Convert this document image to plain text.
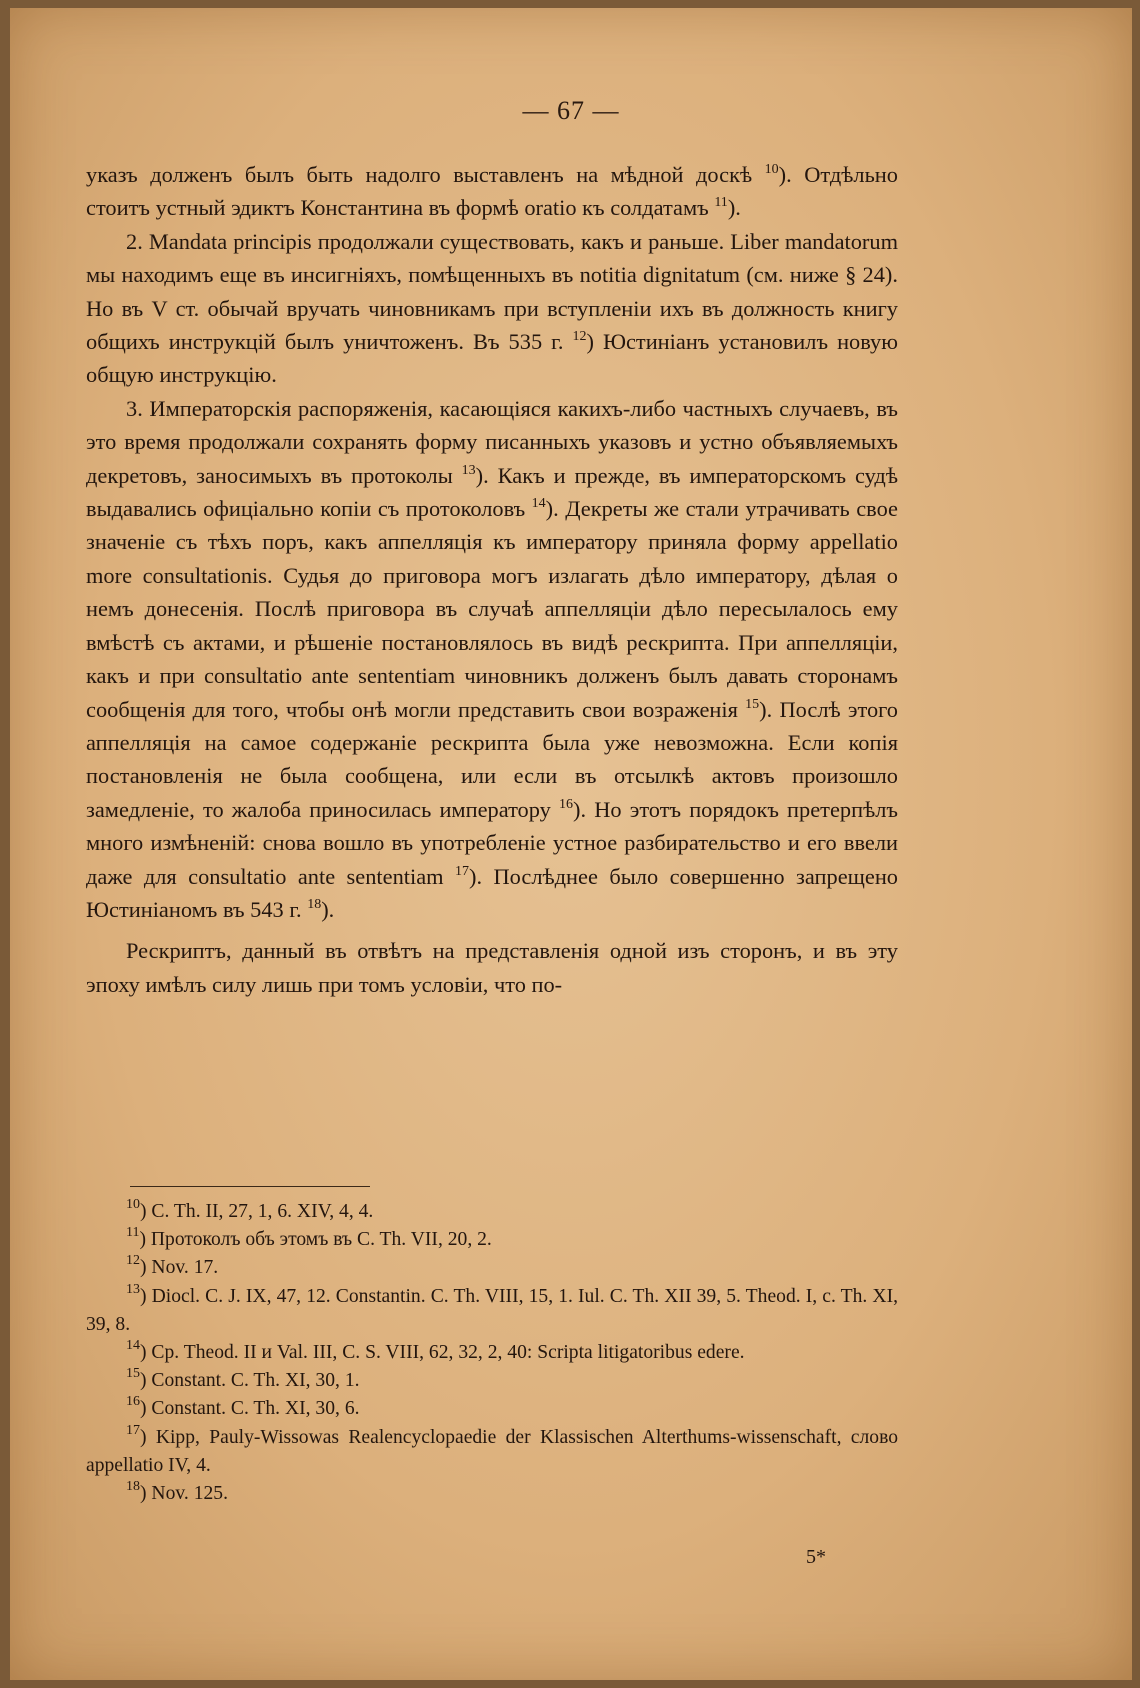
— 67 —

указъ долженъ былъ быть надолго выставленъ на мѣдной доскѣ $^{10}$). Отдѣльно стоитъ устный эдиктъ Константина въ формѣ oratio къ солдатамъ $^{11}$).

2. Mandata principis продолжали существовать, какъ и раньше. Liber mandatorum мы находимъ еще въ инсигніяхъ, помѣщенныхъ въ notitia dignitatum (см. ниже § 24). Но въ V ст. обычай вручать чиновникамъ при вступленіи ихъ въ должность книгу общихъ инструкцій былъ уничтоженъ. Въ 535 г. $^{12}$) Юстиніанъ установилъ новую общую инструкцію.

3. Императорскія распоряженія, касающіяся какихъ-либо частныхъ случаевъ, въ это время продолжали сохранять форму писанныхъ указовъ и устно объявляемыхъ декретовъ, заносимыхъ въ протоколы $^{13}$). Какъ и прежде, въ императорскомъ судѣ выдавались офиціально копіи съ протоколовъ $^{14}$). Декреты же стали утрачивать свое значеніе съ тѣхъ поръ, какъ аппелляція къ императору приняла форму appellatio more consultationis. Судья до приговора могъ излагать дѣло императору, дѣлая о немъ донесенія. Послѣ приговора въ случаѣ аппелляціи дѣло пересылалось ему вмѣстѣ съ актами, и рѣшеніе постановлялось въ видѣ рескрипта. При аппелляціи, какъ и при consultatio ante sententiam чиновникъ долженъ былъ давать сторонамъ сообщенія для того, чтобы онѣ могли представить свои возраженія $^{15}$). Послѣ этого аппелляція на самое содержаніе рескрипта была уже невозможна. Если копія постановленія не была сообщена, или если въ отсылкѣ актовъ произошло замедленіе, то жалоба приносилась императору $^{16}$). Но этотъ порядокъ претерпѣлъ много измѣненій: снова вошло въ употребленіе устное разбирательство и его ввели даже для consultatio ante sententiam $^{17}$). Послѣднее было совершенно запрещено Юстиніаномъ въ 543 г. $^{18}$).

Рескриптъ, данный въ отвѣтъ на представленія одной изъ сторонъ, и въ эту эпоху имѣлъ силу лишь при томъ условіи, что по-

$^{10}$) C. Th. II, 27, 1, 6. XIV, 4, 4.

$^{11}$) Протоколъ объ этомъ въ C. Th. VII, 20, 2.

$^{12}$) Nov. 17.

$^{13}$) Diocl. C. J. IX, 47, 12. Constantin. C. Th. VIII, 15, 1. Iul. C. Th. XII 39, 5. Theod. I, c. Th. XI, 39, 8.

$^{14}$) Cp. Theod. II и Val. III, C. S. VIII, 62, 32, 2, 40: Scripta litigatoribus edere.

$^{15}$) Constant. C. Th. XI, 30, 1.

$^{16}$) Constant. C. Th. XI, 30, 6.

$^{17}$) Kipp, Pauly-Wissowas Realencyclopaedie der Klassischen Alterthums-wissenschaft, слово appellatio IV, 4.

$^{18}$) Nov. 125.

5*
